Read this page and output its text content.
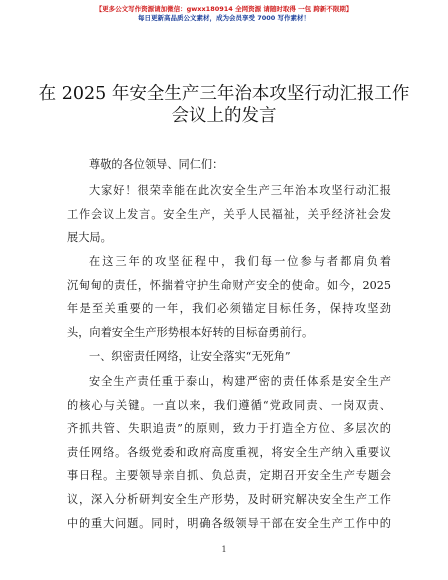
【更多公文写作资源请加微信：gwxx180914 全网资源 请随时取得 一包 跨新不限期】
每日更新高品质公文素材，成为会员享受 7000 写作素材！
在 2025 年安全生产三年治本攻坚行动汇报工作
会议上的发言
尊敬的各位领导、同仁们：
大家好！很荣幸能在此次安全生产三年治本攻坚行动汇报
工作会议上发言。安全生产，关乎人民福祉，关乎经济社会发
展大局。
在这三年的攻坚征程中，我们每一位参与者都肩负着
沉甸甸的责任，怀揣着守护生命财产安全的使命。如今，2025
年是至关重要的一年，我们必须锚定目标任务，保持攻坚劲
头，向着安全生产形势根本好转的目标奋勇前行。
一、织密责任网络，让安全落实“无死角”
安全生产责任重于泰山，构建严密的责任体系是安全生产
的核心与关键。一直以来，我们遵循“党政同责、一岗双责、
齐抓共管、失职追责”的原则，致力于打造全方位、多层次的
责任网络。各级党委和政府高度重视，将安全生产纳入重要议
事日程。主要领导亲自抓、负总责，定期召开安全生产专题会
议，深入分析研判安全生产形势，及时研究解决安全生产工作
中的重大问题。同时，明确各级领导干部在安全生产工作中的
1
